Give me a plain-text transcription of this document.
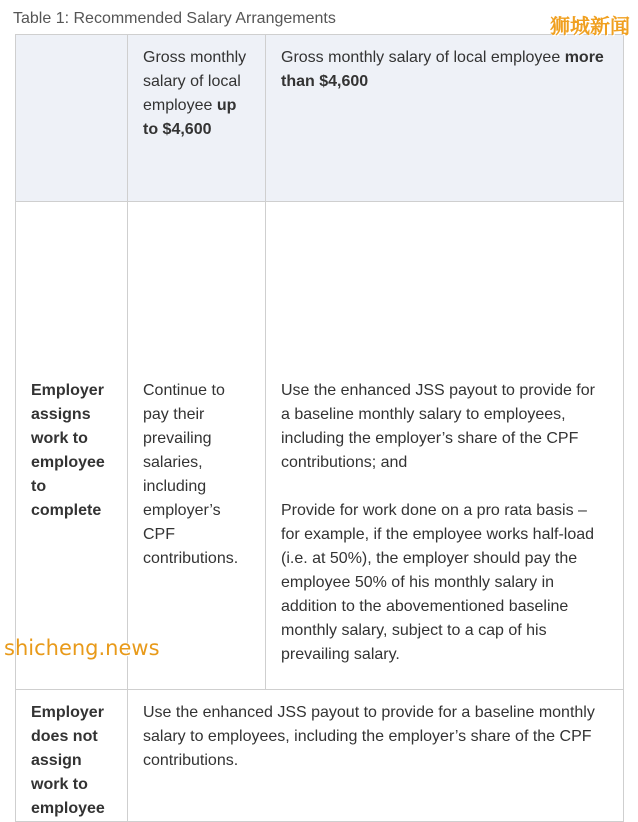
Table 1: Recommended Salary Arrangements
	Gross monthly salary of local employee up to $4,600	Gross monthly salary of local employee more than $4,600
Employer assigns work to employee to complete	Continue to pay their prevailing salaries, including employer’s CPF contributions.	Use the enhanced JSS payout to provide for a baseline monthly salary to employees, including the employer’s share of the CPF contributions; and
Provide for work done on a pro rata basis – for example, if the employee works half-load (i.e. at 50%), the employer should pay the employee 50% of his monthly salary in addition to the abovementioned baseline monthly salary, subject to a cap of his prevailing salary.

Employer does not assign work to employee	Use the enhanced JSS payout to provide for a baseline monthly salary to employees, including the employer’s share of the CPF contributions.	
狮城新闻
shicheng.news
